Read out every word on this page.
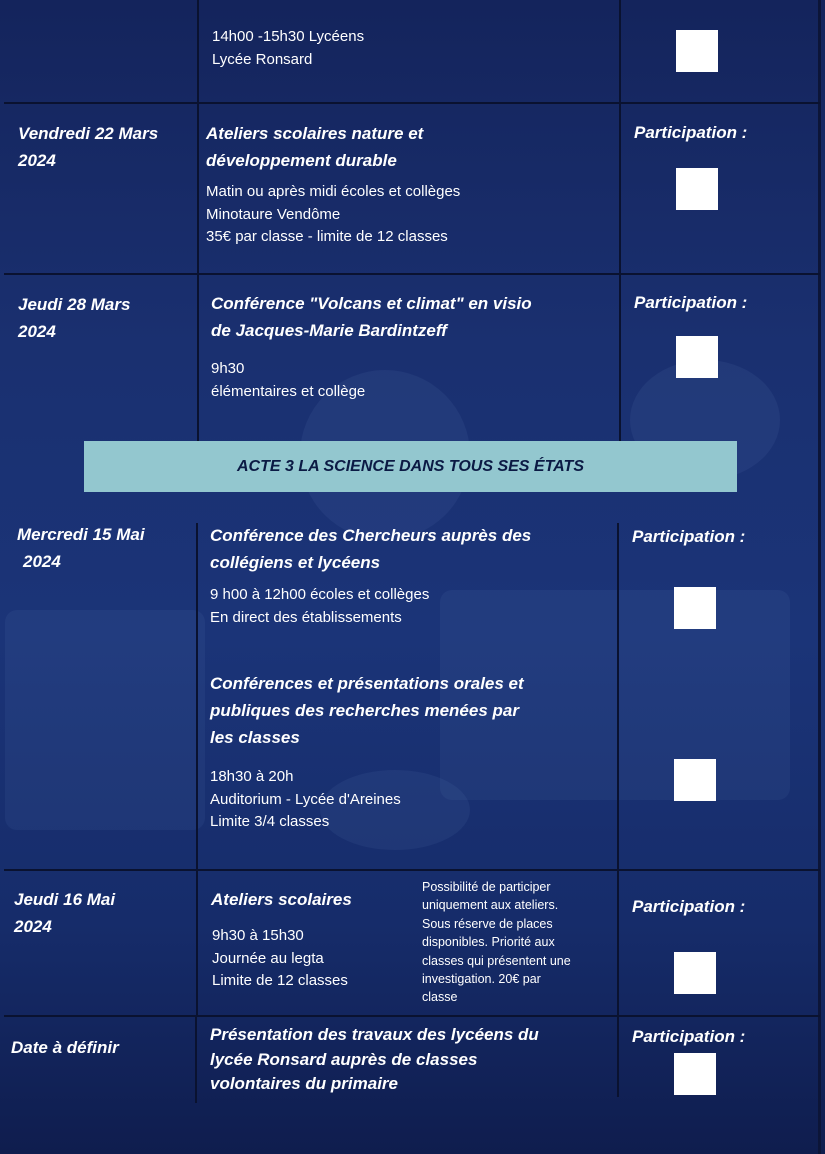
14h00 -15h30 Lycéens
Lycée Ronsard
Vendredi 22 Mars
2024
Ateliers scolaires nature et
développement durable
Matin ou après midi écoles et collèges
Minotaure Vendôme
35€ par classe - limite de 12 classes
Participation :
Jeudi 28 Mars
2024
Conférence "Volcans et climat" en visio
de Jacques-Marie Bardintzeff
9h30
élémentaires et collège
Participation :
ACTE 3 LA SCIENCE DANS TOUS SES ÉTATS
Mercredi 15 Mai
2024
Conférence des Chercheurs auprès des
collégiens et lycéens
9 h00 à 12h00 écoles et collèges
En direct des établissements
Conférences et présentations orales et
publiques des recherches menées par
les classes
18h30 à 20h
Auditorium - Lycée d'Areines
Limite 3/4 classes
Participation :
Jeudi 16 Mai
2024
Ateliers scolaires
9h30 à 15h30
Journée au legta
Limite de 12 classes
Possibilité de participer
uniquement aux ateliers.
Sous réserve de places
disponibles. Priorité aux
classes qui présentent une
investigation. 20€ par
classe
Participation :
Date à définir
Présentation des travaux des lycéens du
lycée Ronsard auprès de classes
volontaires du primaire
Participation :
